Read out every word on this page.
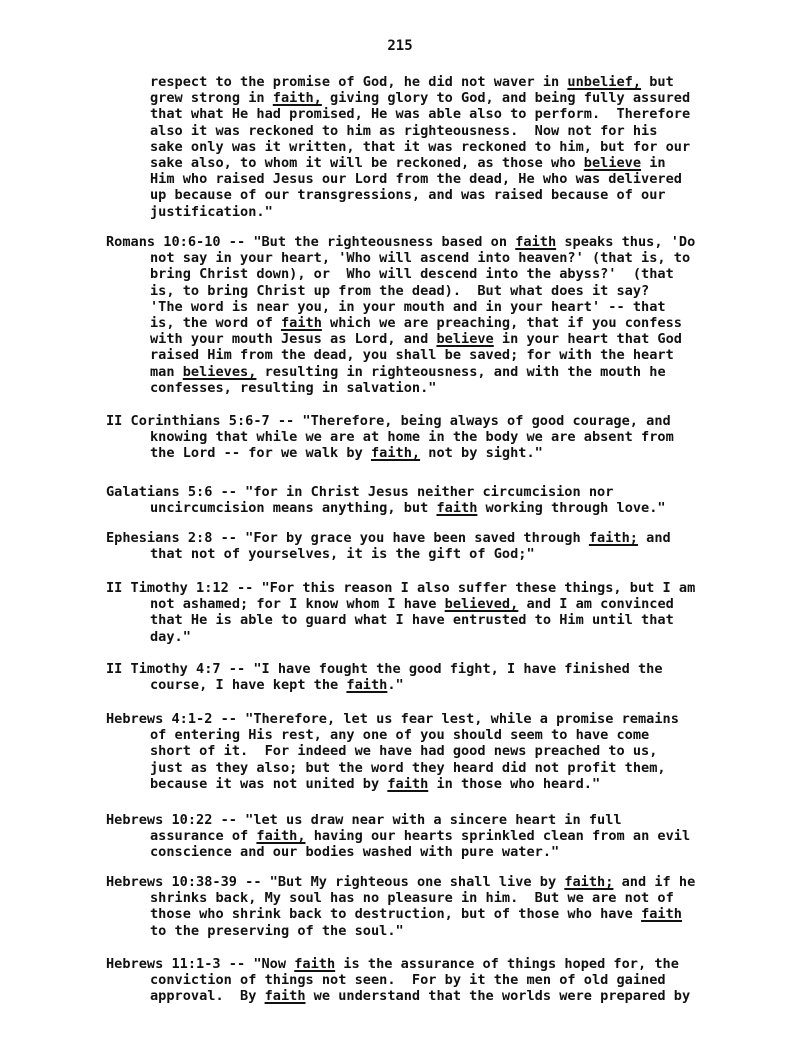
215
respect to the promise of God, he did not waver in unbelief, but
grew strong in faith, giving glory to God, and being fully assured
that what He had promised, He was able also to perform.  Therefore
also it was reckoned to him as righteousness.  Now not for his
sake only was it written, that it was reckoned to him, but for our
sake also, to whom it will be reckoned, as those who believe in
Him who raised Jesus our Lord from the dead, He who was delivered
up because of our transgressions, and was raised because of our
justification."
Romans 10:6-10 -- "But the righteousness based on faith speaks thus, 'Do
not say in your heart, 'Who will ascend into heaven?' (that is, to
bring Christ down), or  Who will descend into the abyss?'  (that
is, to bring Christ up from the dead).  But what does it say?
'The word is near you, in your mouth and in your heart' -- that
is, the word of faith which we are preaching, that if you confess
with your mouth Jesus as Lord, and believe in your heart that God
raised Him from the dead, you shall be saved; for with the heart
man believes, resulting in righteousness, and with the mouth he
confesses, resulting in salvation."
II Corinthians 5:6-7 -- "Therefore, being always of good courage, and
knowing that while we are at home in the body we are absent from
the Lord -- for we walk by faith, not by sight."
Galatians 5:6 -- "for in Christ Jesus neither circumcision nor
uncircumcision means anything, but faith working through love."
Ephesians 2:8 -- "For by grace you have been saved through faith; and
that not of yourselves, it is the gift of God;"
II Timothy 1:12 -- "For this reason I also suffer these things, but I am
not ashamed; for I know whom I have believed, and I am convinced
that He is able to guard what I have entrusted to Him until that
day."
II Timothy 4:7 -- "I have fought the good fight, I have finished the
course, I have kept the faith."
Hebrews 4:1-2 -- "Therefore, let us fear lest, while a promise remains
of entering His rest, any one of you should seem to have come
short of it.  For indeed we have had good news preached to us,
just as they also; but the word they heard did not profit them,
because it was not united by faith in those who heard."
Hebrews 10:22 -- "let us draw near with a sincere heart in full
assurance of faith, having our hearts sprinkled clean from an evil
conscience and our bodies washed with pure water."
Hebrews 10:38-39 -- "But My righteous one shall live by faith; and if he
shrinks back, My soul has no pleasure in him.  But we are not of
those who shrink back to destruction, but of those who have faith
to the preserving of the soul."
Hebrews 11:1-3 -- "Now faith is the assurance of things hoped for, the
conviction of things not seen.  For by it the men of old gained
approval.  By faith we understand that the worlds were prepared by
